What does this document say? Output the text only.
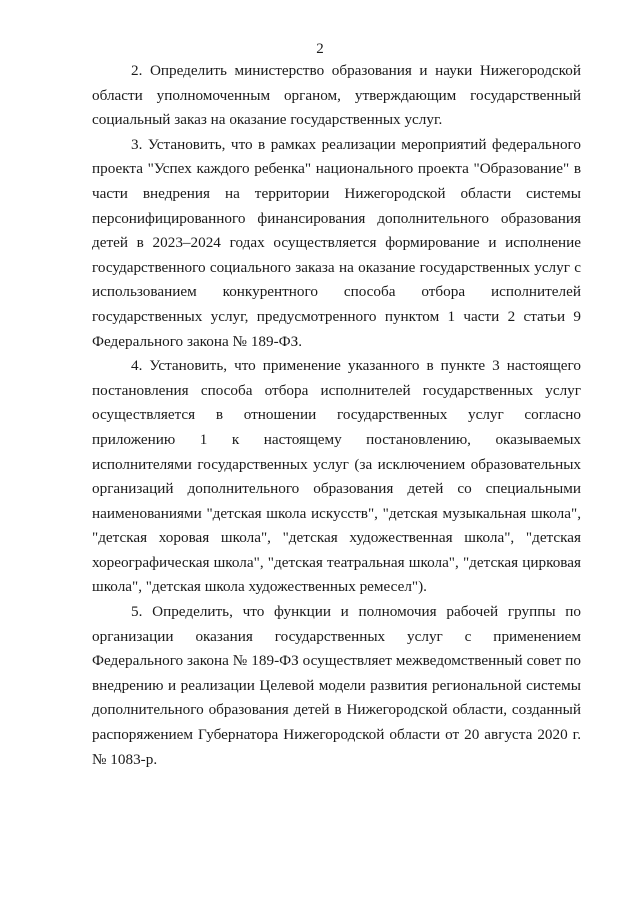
2

2. Определить министерство образования и науки Нижегородской области уполномоченным органом, утверждающим государственный социальный заказ на оказание государственных услуг.

3. Установить, что в рамках реализации мероприятий федерального проекта "Успех каждого ребенка" национального проекта "Образование" в части внедрения на территории Нижегородской области системы персонифицированного финансирования дополнительного образования детей в 2023–2024 годах осуществляется формирование и исполнение государственного социального заказа на оказание государственных услуг с использованием конкурентного способа отбора исполнителей государственных услуг, предусмотренного пунктом 1 части 2 статьи 9 Федерального закона № 189-ФЗ.

4. Установить, что применение указанного в пункте 3 настоящего постановления способа отбора исполнителей государственных услуг осуществляется в отношении государственных услуг согласно приложению 1 к настоящему постановлению, оказываемых исполнителями государственных услуг (за исключением образовательных организаций дополнительного образования детей со специальными наименованиями "детская школа искусств", "детская музыкальная школа", "детская хоровая школа", "детская художественная школа", "детская хореографическая школа", "детская театральная школа", "детская цирковая школа", "детская школа художественных ремесел").

5. Определить, что функции и полномочия рабочей группы по организации оказания государственных услуг с применением Федерального закона № 189-ФЗ осуществляет межведомственный совет по внедрению и реализации Целевой модели развития региональной системы дополнительного образования детей в Нижегородской области, созданный распоряжением Губернатора Нижегородской области от 20 августа 2020 г. № 1083-р.
